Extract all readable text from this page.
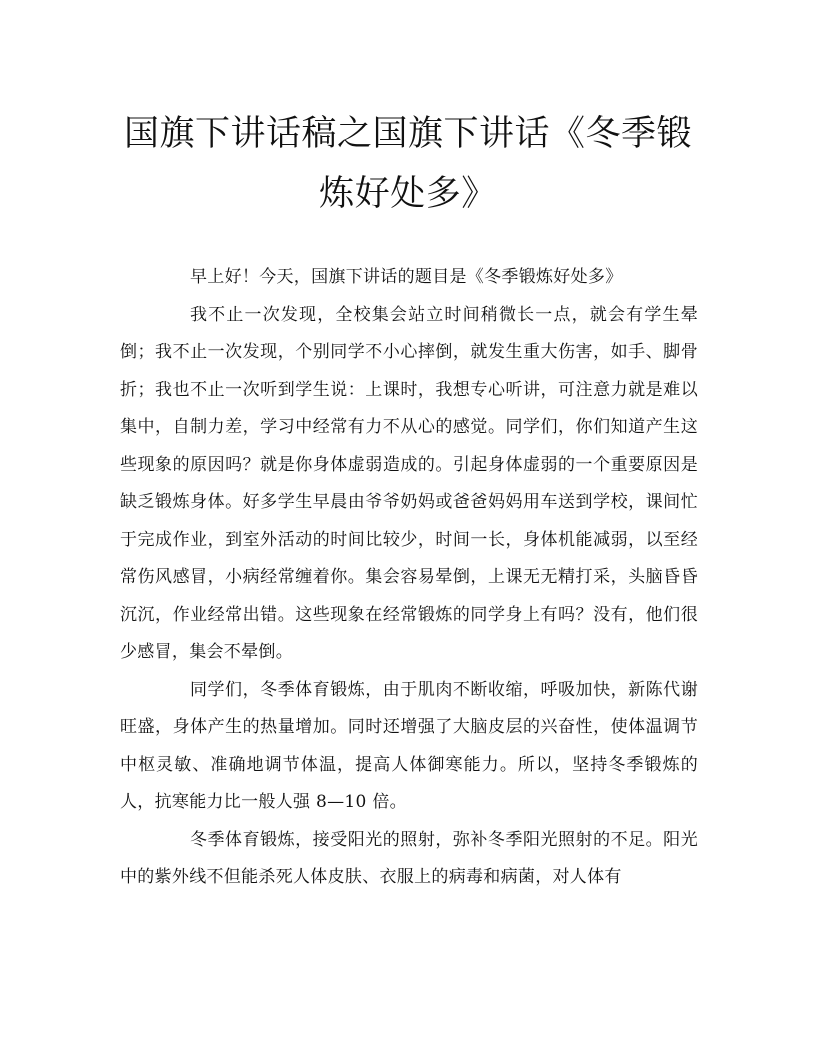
国旗下讲话稿之国旗下讲话《冬季锻炼好处多》

早上好！今天，国旗下讲话的题目是《冬季锻炼好处多》

我不止一次发现，全校集会站立时间稍微长一点，就会有学生晕倒；我不止一次发现，个别同学不小心摔倒，就发生重大伤害，如手、脚骨折；我也不止一次听到学生说：上课时，我想专心听讲，可注意力就是难以集中，自制力差，学习中经常有力不从心的感觉。同学们，你们知道产生这些现象的原因吗？就是你身体虚弱造成的。引起身体虚弱的一个重要原因是缺乏锻炼身体。好多学生早晨由爷爷奶妈或爸爸妈妈用车送到学校，课间忙于完成作业，到室外活动的时间比较少，时间一长，身体机能减弱，以至经常伤风感冒，小病经常缠着你。集会容易晕倒，上课无无精打采，头脑昏昏沉沉，作业经常出错。这些现象在经常锻炼的同学身上有吗？没有，他们很少感冒，集会不晕倒。

同学们，冬季体育锻炼，由于肌肉不断收缩，呼吸加快，新陈代谢旺盛，身体产生的热量增加。同时还增强了大脑皮层的兴奋性，使体温调节中枢灵敏、准确地调节体温，提高人体御寒能力。所以，坚持冬季锻炼的人，抗寒能力比一般人强 8—10 倍。

冬季体育锻炼，接受阳光的照射，弥补冬季阳光照射的不足。阳光中的紫外线不但能杀死人体皮肤、衣服上的病毒和病菌，对人体有
